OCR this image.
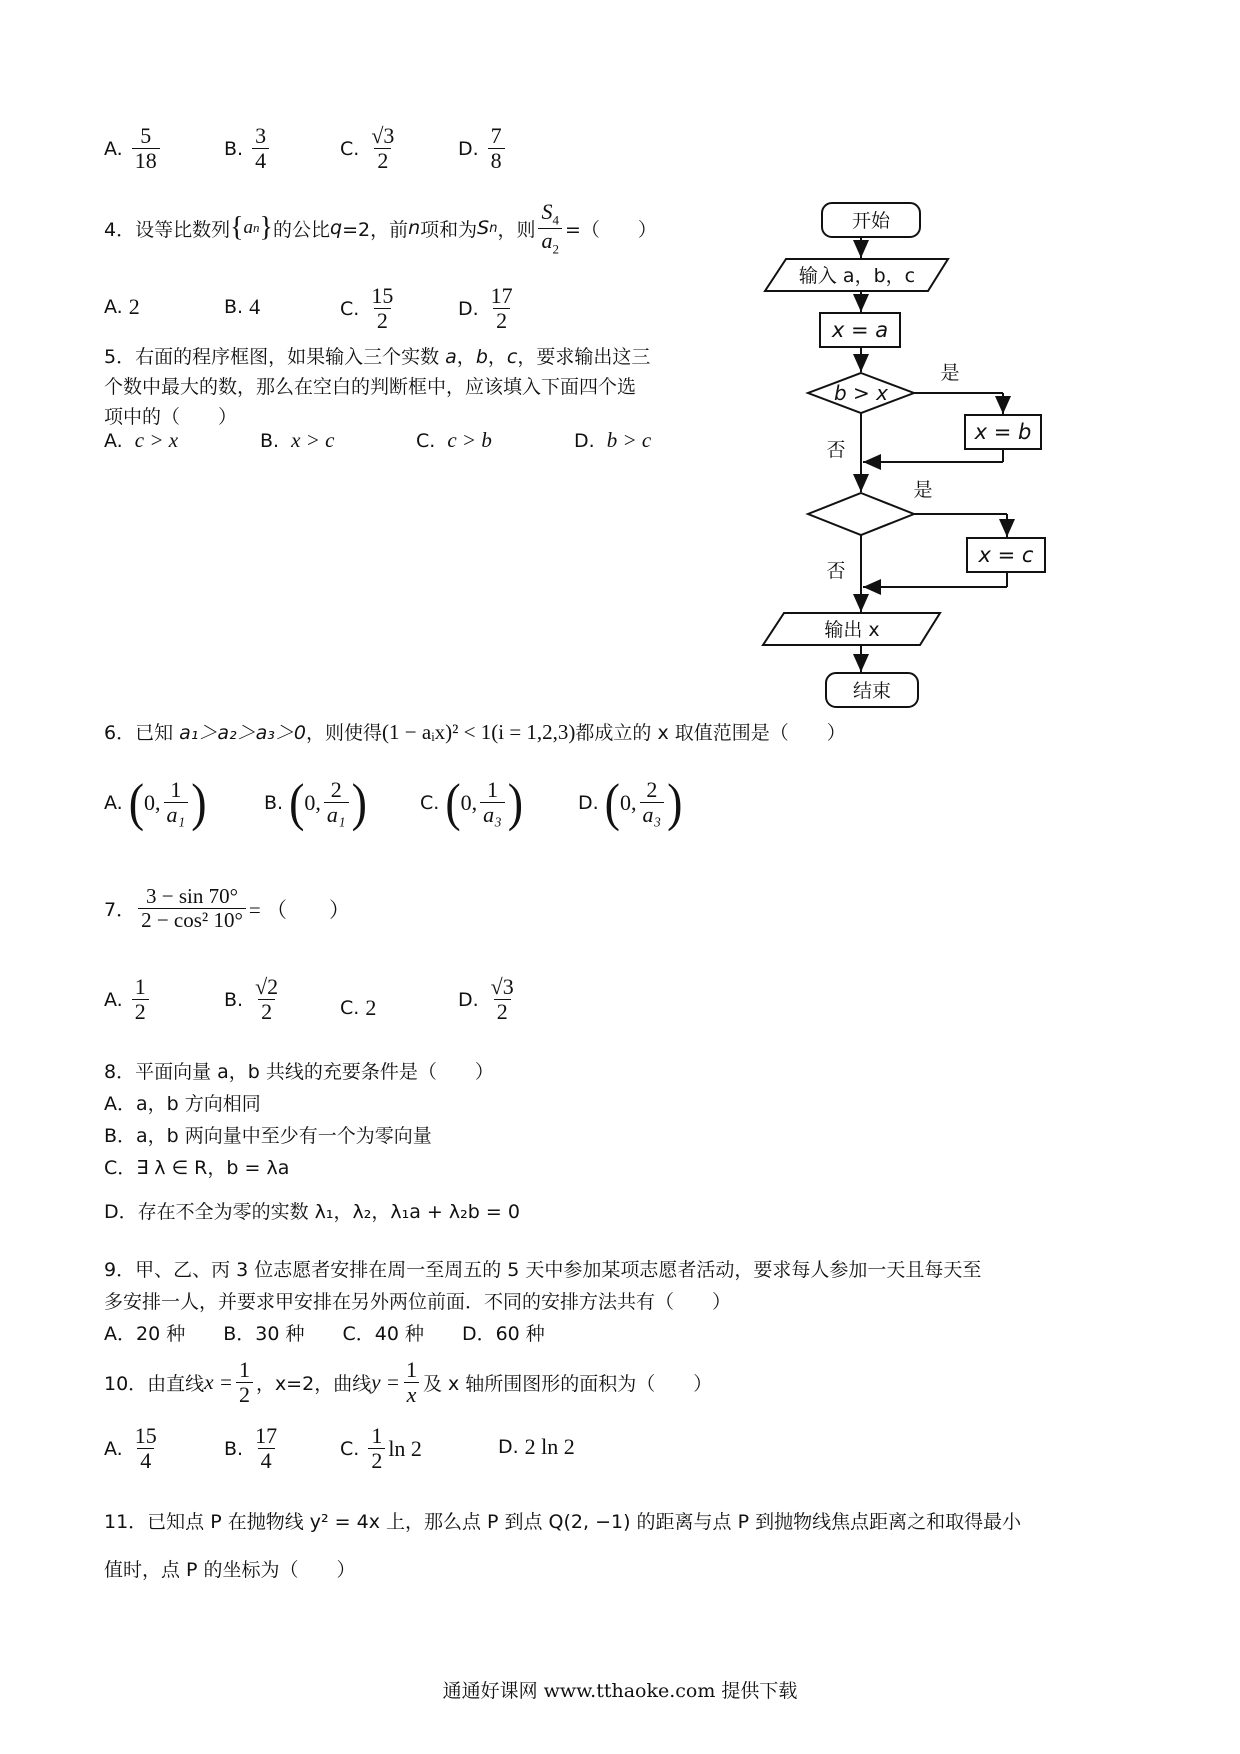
A. $\frac{5}{18}$	B. $\frac{3}{4}$	C. $\frac{√3}{2}$	D. $\frac{7}{8}$
4．设等比数列 { a n } 的公比 q =2，前 n 项和为 S n ，则 $\frac{S_4}{a_2}$ =（　　）
A. 2	B. 4	C. $\frac{15}{2}$	D. $\frac{17}{2}$
5．右面的程序框图，如果输入三个实数 a，b，c，要求输出这三
个数中最大的数，那么在空白的判断框中，应该填入下面四个选
项中的（　　）
A. c > x	B. x > c	C. c > b	D. b > c
开始
输入 a，b，c
x = a
b > x
是
x = b
否
是
x = c
否
输出 x
结束
6．已知 a₁＞a₂＞a₃＞0，则使得(1 − aᵢx)² < 1(i = 1,2,3)都成立的 x 取值范围是（　　）
A. ( 0, $\frac{1}{\text{a₁}}$ )	B. ( 0, $\frac{2}{\text{a₁}}$ )	C. ( 0, $\frac{1}{\text{a₃}}$ )	D. ( 0, $\frac{2}{\text{a₃}}$ )
7． $\frac{3 - \sin 70^\circ}{\text{2 − cos² 10°}}$ = （　　）
A. $\frac{1}{2}$	B. $\frac{√2}{2}$	C. 2	D. $\frac{√3}{2}$
8．平面向量 a，b 共线的充要条件是（　　）
A．a，b 方向相同
B．a，b 两向量中至少有一个为零向量
C．∃ λ ∈ R，b = λa
D．存在不全为零的实数 λ₁，λ₂，λ₁a + λ₂b = 0
9．甲、乙、丙 3 位志愿者安排在周一至周五的 5 天中参加某项志愿者活动，要求每人参加一天且每天至
多安排一人，并要求甲安排在另外两位前面．不同的安排方法共有（　　）
A．20 种　　B．30 种　　C．40 种　　D．60 种
10．由直线 $x = \frac{1}{2}$ ，x=2，曲线 $y = \frac{1}{x}$ 及 x 轴所围图形的面积为（　　）
A. $\frac{15}{4}$	B. $\frac{17}{4}$	C. $\frac{1}{2}$ ln 2	D. 2 ln 2
11．已知点 P 在抛物线 y² = 4x 上，那么点 P 到点 Q(2, −1) 的距离与点 P 到抛物线焦点距离之和取得最小
值时，点 P 的坐标为（　　）
通通好课网 www.tthaoke.com 提供下载
